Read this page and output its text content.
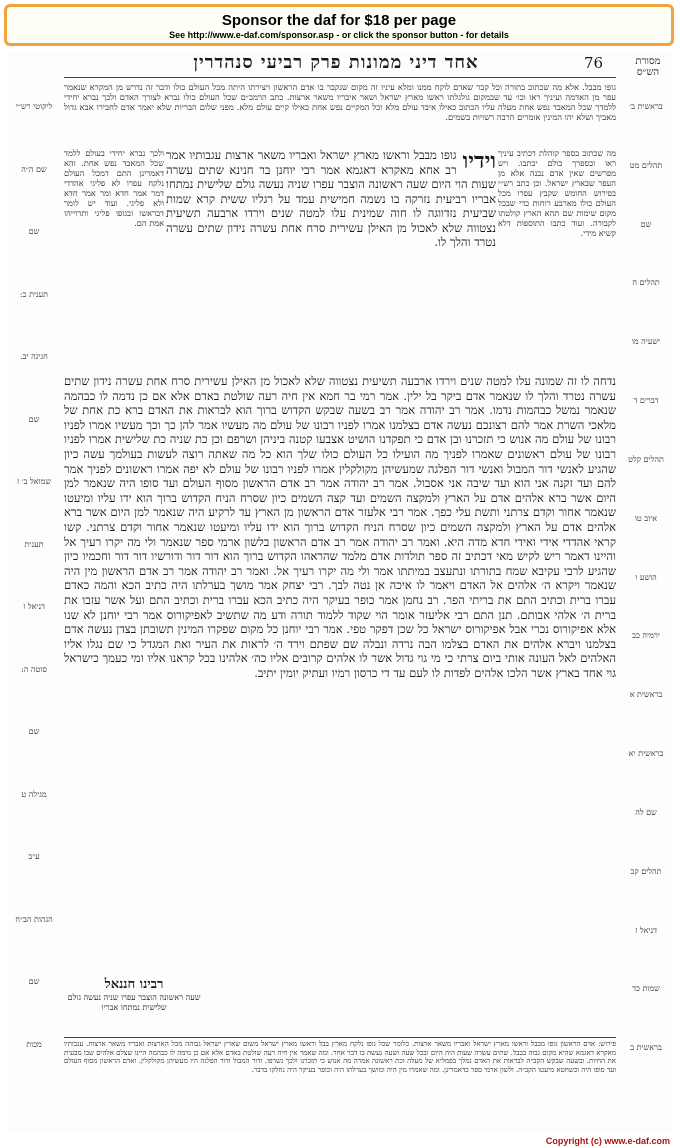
Sponsor the daf for $18 per page
See http://www.e-daf.com/sponsor.asp - or click the sponsor button - for details
76
אחד דיני ממונות פרק רביעי סנהדרין	מסורת הש״ס
גופו מבבל. אלא מה שכתוב בתורה וכל קבר שאדם לוקח ממנו ומלא עיניו זה מקום שנקבר בו אדם הראשון ויצירתו היתה מכל העולם כולו ודבר זה נדרש מן המקרא שנאמר עפר מן האדמה ועיניך ראו וכו׳ עד שבמקום גולגלתו ראשו מארץ ישראל ושאר איבריו משאר ארצות. כתב הרמב״ם שכל העולם כולו נברא לצורך האדם ולכך נברא יחידי ללמדך שכל המאבד נפש אחת מעלה עליו הכתוב כאילו איבד עולם מלא וכל המקיים נפש אחת כאילו קיים עולם מלא. מפני שלום הבריות שלא יאמר אדם לחבירו אבא גדול מאביך ושלא יהו המינין אומרים הרבה רשויות בשמים.
מה שכתוב בספר קוהלת דכתיב עיניך ראו ובספרך כולם יכתבו. ויש מפרשים שאין אדם נבנה אלא מן העפר שבארץ ישראל. וכן כתב רש״י בפירוש החומש שקבץ עפרו מכל העולם כולו מארבע רוחות כדי שבכל מקום שימות שם תהא הארץ קולטתו לקבורה. ועוד כתבו התוספות דלא קשיא מידי.
וידיו
גופו מבבל וראשו מארץ ישראל ואבריו משאר ארצות עגבותיו אמר רב אחא מאקרא דאגמא אמר רבי יוחנן בר חנינא שתים עשרה שעות הוי היום שעה ראשונה הוצבר עפרו שניה נעשה גולם שלישית נמתחו אבריו רביעית נזרקה בו נשמה חמישית עמד על רגליו ששית קרא שמות שביעית נזדווגה לו חוה שמינית עלו למטה שנים וירדו ארבעה תשיעית נצטווה שלא לאכול מן האילן עשירית סרח אחת עשרה נידון שתים עשרה נטרד והלך לו.
ולכך נברא יחידי בעולם ללמד שכל המאבד נפש אחת. והא דאמרינן התם דמכל העולם נלקח עפרו לא פליגי אהדדי דמר אמר חדא ומר אמר חדא ולא פליגי. ועוד יש לומר דבראשו ובגופו פליגי ותרוייהו אמת הם.
נדחה לו זה שמונה עלו למטה שנים וירדו ארבעה תשיעית נצטווה שלא לאכול מן האילן עשירית סרח אחת עשרה נידון שתים עשרה נטרד והלך לו שנאמר אדם ביקר בל ילין. אמר רמי בר חמא אין חיה רעה שולטת באדם אלא אם כן נדמה לו כבהמה שנאמר נמשל כבהמות נדמו. אמר רב יהודה אמר רב בשעה שבקש הקדוש ברוך הוא לבראות את האדם ברא כת אחת של מלאכי השרת אמר להם רצונכם נעשה אדם בצלמנו אמרו לפניו רבונו של עולם מה מעשיו אמר להן כך וכך מעשיו אמרו לפניו רבונו של עולם מה אנוש כי תזכרנו ובן אדם כי תפקדנו הושיט אצבעו קטנה ביניהן ושרפם וכן כת שניה כת שלישית אמרו לפניו רבונו של עולם ראשונים שאמרו לפניך מה הועילו כל העולם כולו שלך הוא כל מה שאתה רוצה לעשות בעולמך עשה כיון שהגיע לאנשי דור המבול ואנשי דור הפלגה שמעשיהן מקולקלין אמרו לפניו רבונו של עולם לא יפה אמרו ראשונים לפניך אמר להם ועד זקנה אני הוא ועד שיבה אני אסבול. אמר רב יהודה אמר רב אדם הראשון מסוף העולם ועד סופו היה שנאמר למן היום אשר ברא אלהים אדם על הארץ ולמקצה השמים ועד קצה השמים כיון שסרח הניח הקדוש ברוך הוא ידו עליו ומיעטו שנאמר אחור וקדם צרתני ותשת עלי כפך. אמר רבי אלעזר אדם הראשון מן הארץ עד לרקיע היה שנאמר למן היום אשר ברא אלהים אדם על הארץ ולמקצה השמים כיון שסרח הניח הקדוש ברוך הוא ידו עליו ומיעטו שנאמר אחור וקדם צרתני. קשו קראי אהדדי אידי ואידי חדא מדה היא. ואמר רב יהודה אמר רב אדם הראשון בלשון ארמי ספר שנאמר ולי מה יקרו רעיך אל והיינו דאמר ריש לקיש מאי דכתיב זה ספר תולדות אדם מלמד שהראהו הקדוש ברוך הוא דור דור ודורשיו דור דור וחכמיו כיון שהגיע לרבי עקיבא שמח בתורתו ונתעצב במיתתו אמר ולי מה יקרו רעיך אל. ואמר רב יהודה אמר רב אדם הראשון מין היה שנאמר ויקרא ה׳ אלהים אל האדם ויאמר לו איכה אן נטה לבך. רבי יצחק אמר מושך בערלתו היה כתיב הכא והמה כאדם עברו ברית וכתיב התם את בריתי הפר. רב נחמן אמר כופר בעיקר היה כתיב הכא עברו ברית וכתיב התם ועל אשר עזבו את ברית ה׳ אלהי אבותם. תנן התם רבי אליעזר אומר הוי שקוד ללמוד תורה ודע מה שתשיב לאפיקורוס אמר רבי יוחנן לא שנו אלא אפיקורוס נכרי אבל אפיקורוס ישראל כל שכן דפקר טפי. אמר רבי יוחנן כל מקום שפקרו המינין תשובתן בצדן נעשה אדם בצלמנו ויברא אלהים את האדם בצלמו הבה נרדה ונבלה שם שפתם וירד ה׳ לראות את העיר ואת המגדל כי שם נגלו אליו האלהים לאל העונה אותי ביום צרתי כי מי גוי גדול אשר לו אלהים קרובים אליו כה׳ אלהינו בכל קראנו אליו ומי כעמך כישראל גוי אחד בארץ אשר הלכו אלהים לפדות לו לעם עד די כרסון רמיו ועתיק יומין יתיב.
בראשית ב׳
תהלים מט
שם
תהלים ח
ישעיה מו
דברים ד
תהלים קלט
איוב טו
הושע ו
ירמיה כב
בראשית א
בראשית יא
שם לה
תהלים קכ
דניאל ז
שמות כד
בראשית ב
ליקוטי רש״י
שם ה״ה
שם
תענית כ:
חגיגה יב.
שם
שמואל ב׳ ז
תענית
דניאל ז
סוטה ה:
שם
מגילה ט
ע״ב
הגהות הב״ח
שם
מכות
רבינו חננאל
שעה ראשונה הוצבר עפרו שניה נעשה גולם שלישית נמתחו אבריו
פירוש: אדם הראשון גופו מבבל וראשו מארץ ישראל ואבריו משאר ארצות. כלומר שכל גופו נלקח מארץ בבל וראשו מארץ ישראל משום שארץ ישראל גבוהה מכל הארצות ואבריו משאר ארצות. עגבותיו מאקרא דאגמא שהיא מקום גבוה בבבל. שתים עשרה שעות היה היום ובכל שעה ושעה נעשה בו דבר אחר. ומה שאמר אין חיה רעה שולטת באדם אלא אם כן נדמה לו כבהמה היינו שצלם אלהים שבו מבעית את החיות. ובשעה שבקש הקב״ה לבראות את האדם נמלך בפמליא של מעלה וכת ראשונה אמרה מה אנוש כי תזכרנו ולכך נשרפו. ודור המבול ודור הפלגה היו מעשיהן מקולקלין. ואדם הראשון מסוף העולם ועד סופו היה וכשחטא מיעטו הקב״ה. ולשון ארמי ספר כדאמרינן. ומה שאמרו מין היה ומושך בערלתו היה וכופר בעיקר היה נחלקו בדבר.
Copyright (c) www.e-daf.com
